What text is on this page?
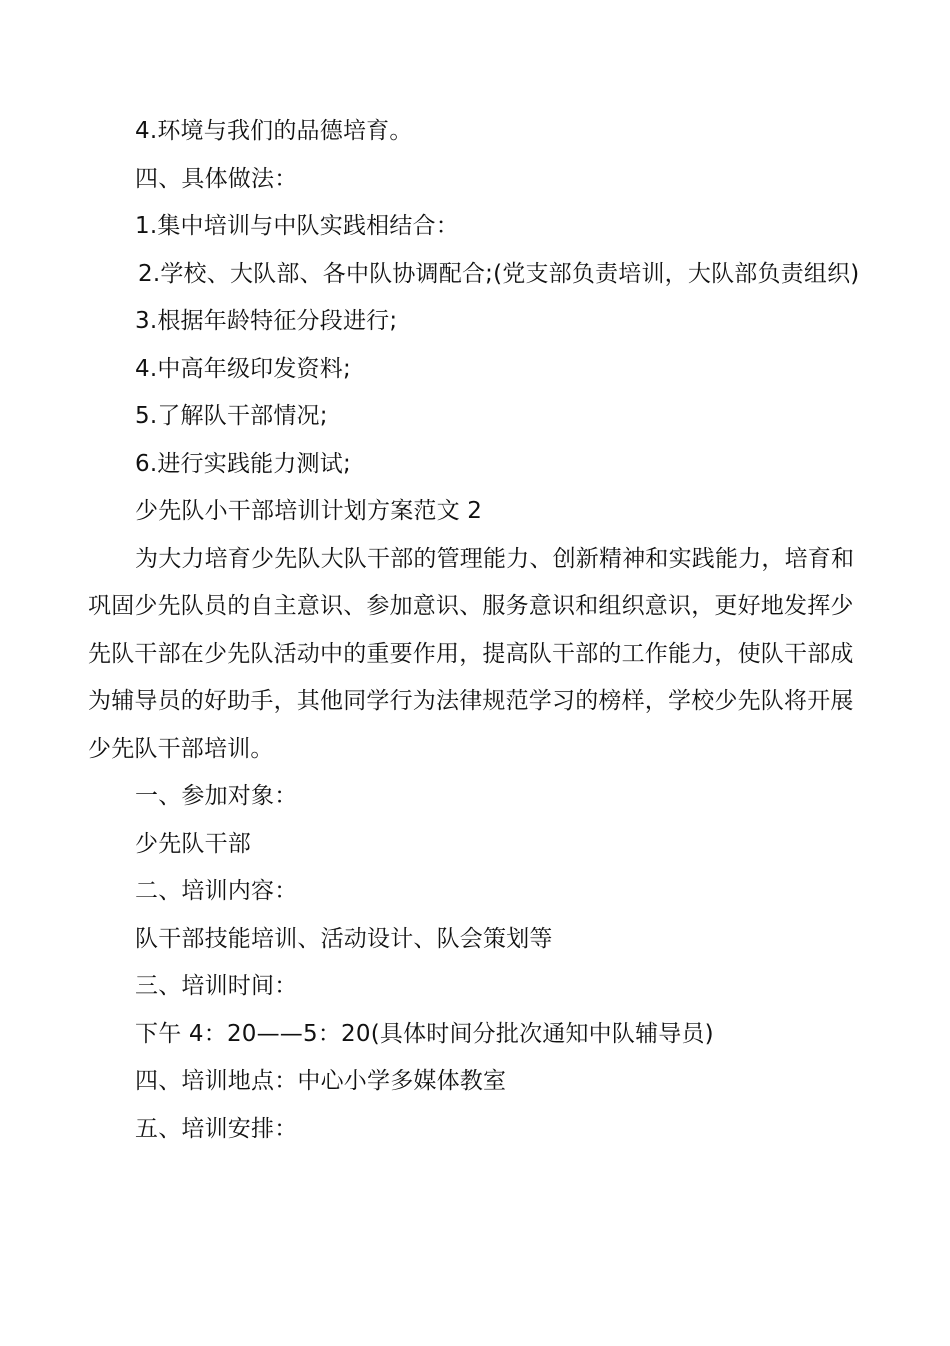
4.环境与我们的品德培育。

四、具体做法：

1.集中培训与中队实践相结合：

2.学校、大队部、各中队协调配合;(党支部负责培训，大队部负责组织)

3.根据年龄特征分段进行;

4.中高年级印发资料;

5.了解队干部情况;

6.进行实践能力测试;

少先队小干部培训计划方案范文 2

为大力培育少先队大队干部的管理能力、创新精神和实践能力，培育和巩固少先队员的自主意识、参加意识、服务意识和组织意识，更好地发挥少先队干部在少先队活动中的重要作用，提高队干部的工作能力，使队干部成为辅导员的好助手，其他同学行为法律规范学习的榜样，学校少先队将开展少先队干部培训。

一、参加对象：

少先队干部

二、培训内容：

队干部技能培训、活动设计、队会策划等

三、培训时间：

下午 4：20——5：20(具体时间分批次通知中队辅导员)

四、培训地点：中心小学多媒体教室

五、培训安排：
